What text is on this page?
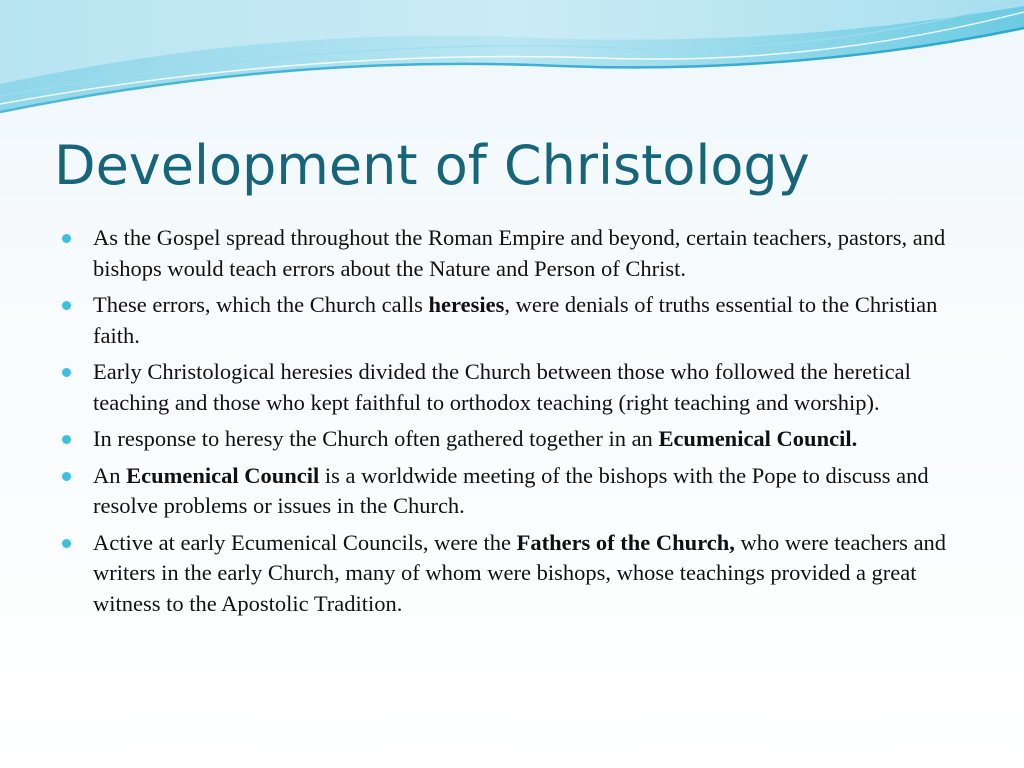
Development of Christology
As the Gospel spread throughout the Roman Empire and beyond, certain teachers, pastors, and bishops would teach errors about the Nature and Person of Christ.
These errors, which the Church calls heresies, were denials of truths essential to the Christian faith.
Early Christological heresies divided the Church between those who followed the heretical teaching and those who kept faithful to orthodox teaching (right teaching and worship).
In response to heresy the Church often gathered together in an Ecumenical Council.
An Ecumenical Council is a worldwide meeting of the bishops with the Pope to discuss and resolve problems or issues in the Church.
Active at early Ecumenical Councils, were the Fathers of the Church, who were teachers and writers in the early Church, many of whom were bishops, whose teachings provided a great witness to the Apostolic Tradition.
